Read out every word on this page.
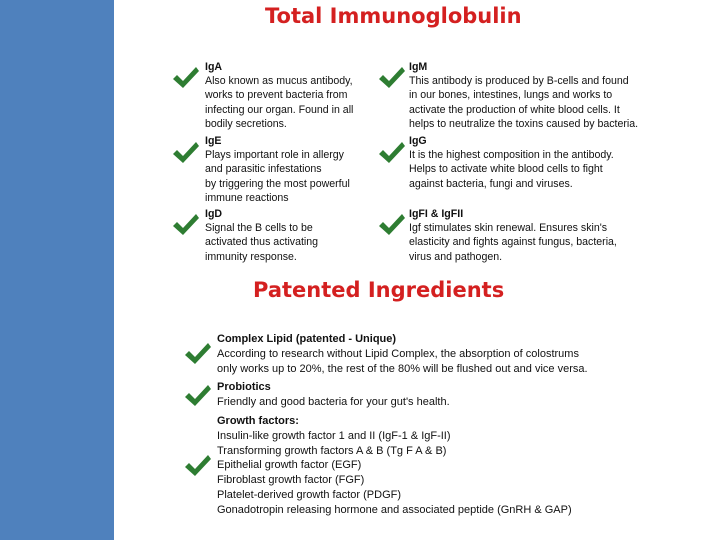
Total Immunoglobulin
IgA
Also known as mucus antibody,
works to prevent bacteria from
infecting our organ. Found in all
bodily secretions.
IgM
This antibody is produced by B-cells and found
in our bones, intestines, lungs and works to
activate the production of white blood cells. It
helps to neutralize the toxins caused by bacteria.
IgE
Plays important role in allergy
and parasitic infestations
by triggering the most powerful
immune reactions
IgG
It is the highest composition in the antibody.
Helps to activate white blood cells to fight
against bacteria, fungi and viruses.
IgD
Signal the B cells to be
activated thus activating
immunity response.
IgFI & IgFII
Igf stimulates skin renewal. Ensures skin's
elasticity and fights against fungus, bacteria,
virus and pathogen.
Patented Ingredients
Complex Lipid (patented - Unique)
According to research without Lipid Complex, the absorption of colostrums
only works up to 20%, the rest of the 80% will be flushed out and vice versa.
Probiotics
Friendly and good bacteria for your gut's health.
Growth factors:
Insulin-like growth factor 1 and II (IgF-1 & IgF-II)
Transforming growth factors A & B (Tg F A & B)
Epithelial growth factor (EGF)
Fibroblast growth factor (FGF)
Platelet-derived growth factor (PDGF)
Gonadotropin releasing hormone and associated peptide (GnRH & GAP)
